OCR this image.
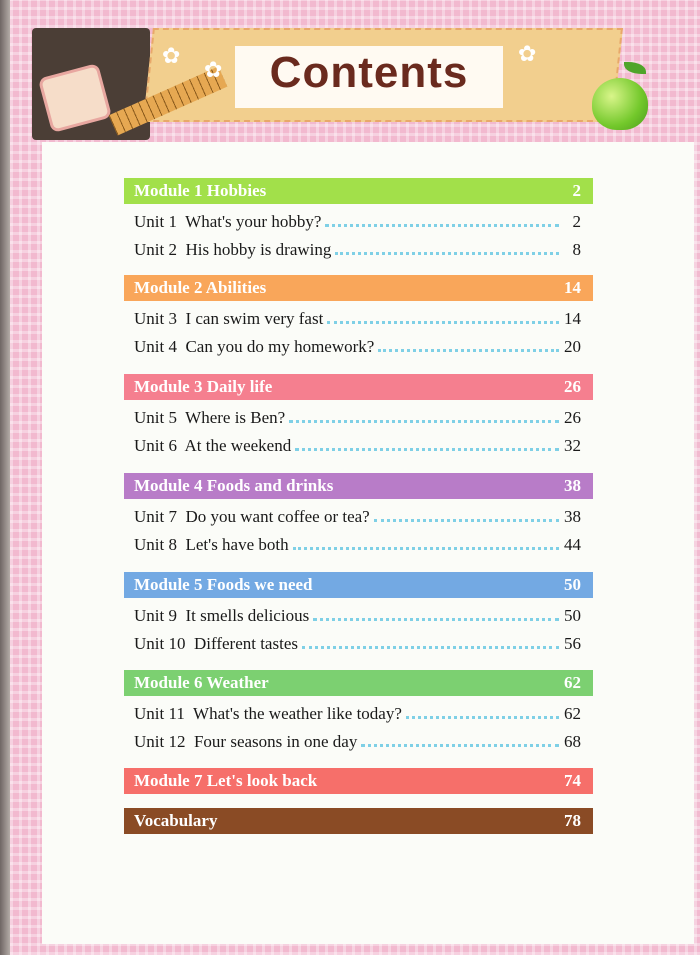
✿
✿
✿
Contents
Module 1 Hobbies	2
Unit 1  What's your hobby?	2
Unit 2  His hobby is drawing	8
Module 2 Abilities	14
Unit 3  I can swim very fast	14
Unit 4  Can you do my homework?	20
Module 3 Daily life	26
Unit 5  Where is Ben?	26
Unit 6  At the weekend	32
Module 4 Foods and drinks	38
Unit 7  Do you want coffee or tea?	38
Unit 8  Let's have both	44
Module 5 Foods we need	50
Unit 9  It smells delicious	50
Unit 10  Different tastes	56
Module 6 Weather	62
Unit 11  What's the weather like today?	62
Unit 12  Four seasons in one day	68
Module 7 Let's look back	74
Vocabulary	78
